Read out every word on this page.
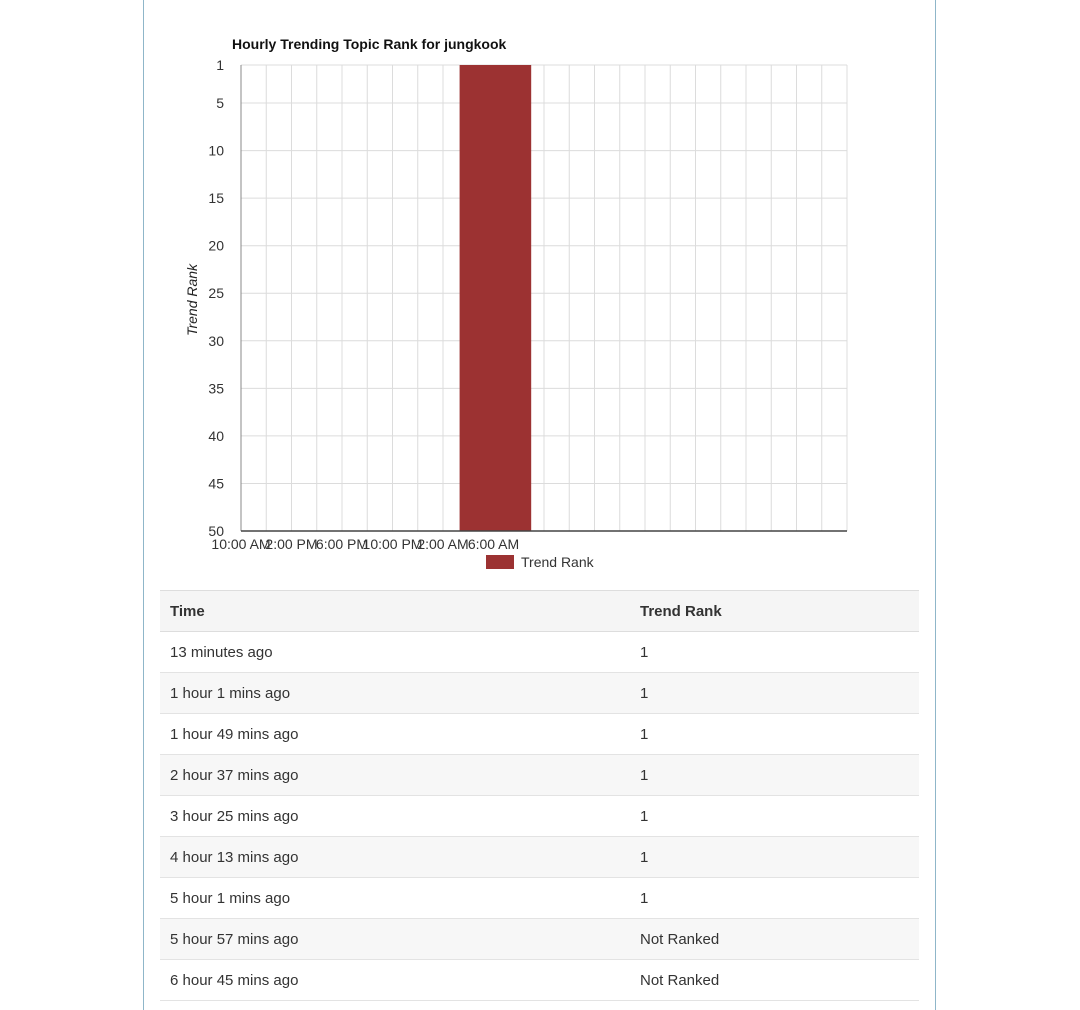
Hourly Trending Topic Rank for jungkook
1
5
10
15
20
25
30
35
40
45
50
10:00 AM
2:00 PM
6:00 PM
10:00 PM
2:00 AM 6:00 AM
Trend Rank
Trend Rank
Time	Trend Rank
13 minutes ago	1
1 hour 1 mins ago	1
1 hour 49 mins ago	1
2 hour 37 mins ago	1
3 hour 25 mins ago	1
4 hour 13 mins ago	1
5 hour 1 mins ago	1
5 hour 57 mins ago	Not Ranked
6 hour 45 mins ago	Not Ranked
